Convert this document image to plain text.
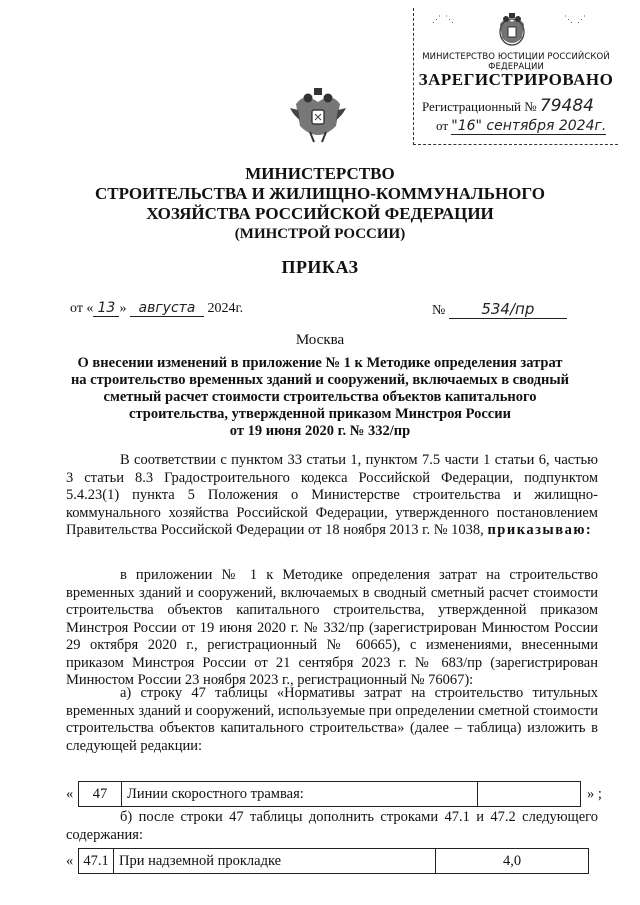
⋰⋱	⋱⋰
МИНИСТЕРСТВО ЮСТИЦИИ РОССИЙСКОЙ ФЕДЕРАЦИИ
ЗАРЕГИСТРИРОВАНО
Регистрационный № 79484
от "16" сентября 2024г.
МИНИСТЕРСТВО
СТРОИТЕЛЬСТВА И ЖИЛИЩНО-КОММУНАЛЬНОГО
ХОЗЯЙСТВА РОССИЙСКОЙ ФЕДЕРАЦИИ
(МИНСТРОЙ РОССИИ)
ПРИКАЗ
от « 13 » августа 2024г.	№ 534/пр
Москва
О внесении изменений в приложение № 1 к Методике определения затрат
на строительство временных зданий и сооружений, включаемых в сводный
сметный расчет стоимости строительства объектов капитального
строительства, утвержденной приказом Минстроя России
от 19 июня 2020 г. № 332/пр
В соответствии с пунктом 33 статьи 1, пунктом 7.5 части 1 статьи 6, частью 3 статьи 8.3 Градостроительного кодекса Российской Федерации, подпунктом 5.4.23(1) пункта 5 Положения о Министерстве строительства и жилищно-коммунального хозяйства Российской Федерации, утвержденного постановлением Правительства Российской Федерации от 18 ноября 2013 г. № 1038, приказываю:
в приложении № 1 к Методике определения затрат на строительство временных зданий и сооружений, включаемых в сводный сметный расчет стоимости строительства объектов капитального строительства, утвержденной приказом Минстроя России от 19 июня 2020 г. № 332/пр (зарегистрирован Минюстом России 29 октября 2020 г., регистрационный № 60665), с изменениями, внесенными приказом Минстроя России от 21 сентября 2023 г. № 683/пр (зарегистрирован Минюстом России 23 ноября 2023 г., регистрационный № 76067):
а) строку 47 таблицы «Нормативы затрат на строительство титульных временных зданий и сооружений, используемые при определении сметной стоимости строительства объектов капитального строительства» (далее – таблица) изложить в следующей редакции:
«	47	Линии скоростного трамвая:	» ;
б) после строки 47 таблицы дополнить строками 47.1 и 47.2 следующего содержания:
« 47.1 При надземной прокладке	4,0
